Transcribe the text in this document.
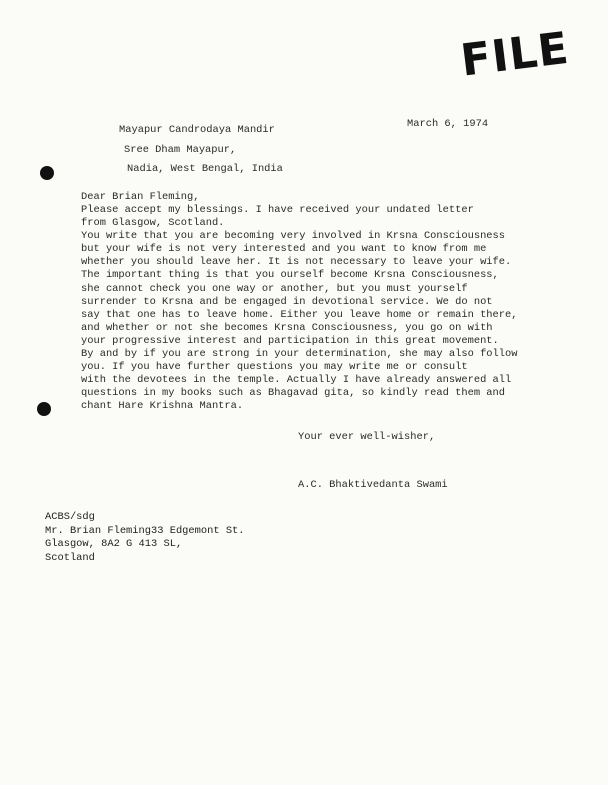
FILE
March 6, 1974
Mayapur Candrodaya Mandir
Sree Dham Mayapur,
Nadia, West Bengal, India
Dear Brian Fleming,
Please accept my blessings. I have received your undated letter
from Glasgow, Scotland.
You write that you are becoming very involved in Krsna Consciousness
but your wife is not very interested and you want to know from me
whether you should leave her. It is not necessary to leave your wife.
The important thing is that you ourself become Krsna Consciousness,
she cannot check you one way or another, but you must yourself
surrender to Krsna and be engaged in devotional service. We do not
say that one has to leave home. Either you leave home or remain there,
and whether or not she becomes Krsna Consciousness, you go on with
your progressive interest and participation in this great movement.
By and by if you are strong in your determination, she may also follow
you. If you have further questions you may write me or consult
with the devotees in the temple. Actually I have already answered all
questions in my books such as Bhagavad gita, so kindly read them and
chant Hare Krishna Mantra.
Your ever well-wisher,
A.C. Bhaktivedanta Swami
ACBS/sdg
Mr. Brian Fleming33 Edgemont St.
Glasgow, 8A2 G 413 SL,
Scotland
